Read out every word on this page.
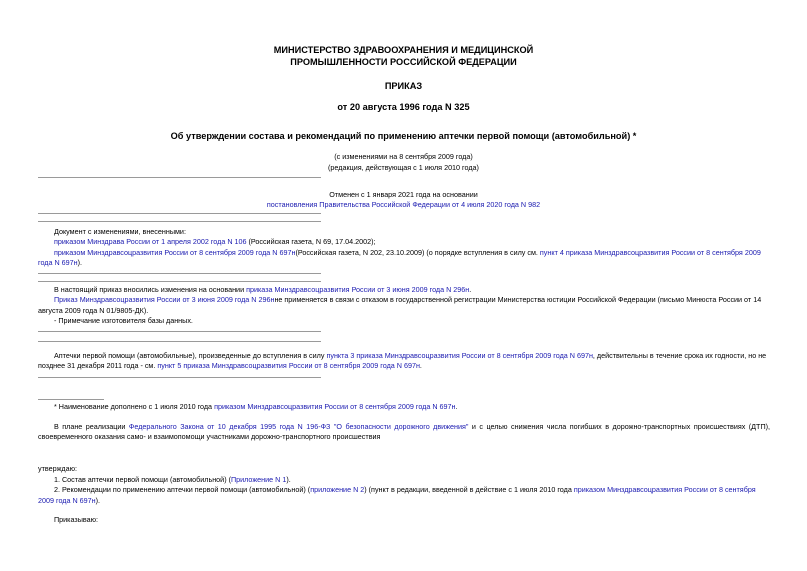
МИНИСТЕРСТВО ЗДРАВООХРАНЕНИЯ И МЕДИЦИНСКОЙ
ПРОМЫШЛЕННОСТИ РОССИЙСКОЙ ФЕДЕРАЦИИ
ПРИКАЗ
от 20 августа 1996 года N 325
Об утверждении состава и рекомендаций по применению аптечки первой помощи (автомобильной) *
(с изменениями на 8 сентября 2009 года)
(редакция, действующая с 1 июля 2010 года)
Отменен с 1 января 2021 года на основании
постановления Правительства Российской Федерации от 4 июля 2020 года N 982

Документ с изменениями, внесенными:

приказом Минздрава России от 1 апреля 2002 года N 106 (Российская газета, N 69, 17.04.2002);

приказом Минздравсоцразвития России от 8 сентября 2009 года N 697н(Российская газета, N 202, 23.10.2009) (о порядке вступления в силу см. пункт 4 приказа Минздравсоцразвития России от 8 сентября 2009 года N 697н).

В настоящий приказ вносились изменения на основании приказа Минздравсоцразвития России от 3 июня 2009 года N 296н.

Приказ Минздравсоцразвития России от 3 июня 2009 года N 296нне применяется в связи с отказом в государственной регистрации Министерства юстиции Российской Федерации (письмо Минюста России от 14 августа 2009 года N 01/9805-ДК).

- Примечание изготовителя базы данных.

Аптечки первой помощи (автомобильные), произведенные до вступления в силу пункта 3 приказа Минздравсоцразвития России от 8 сентября 2009 года N 697н, действительны в течение срока их годности, но не позднее 31 декабря 2011 года - см. пункт 5 приказа Минздравсоцразвития России от 8 сентября 2009 года N 697н.

* Наименование дополнено с 1 июля 2010 года приказом Минздравсоцразвития России от 8 сентября 2009 года N 697н.

В плане реализации Федерального Закона от 10 декабря 1995 года N 196-ФЗ "О безопасности дорожного движения" и с целью снижения числа погибших в дорожно-транспортных происшествиях (ДТП), своевременного оказания само- и взаимопомощи участниками дорожно-транспортного происшествия

утверждаю:

1. Состав аптечки первой помощи (автомобильной) (Приложение N 1).

2. Рекомендации по применению аптечки первой помощи (автомобильной) (приложение N 2) (пункт в редакции, введенной в действие с 1 июля 2010 года приказом Минздравсоцразвития России от 8 сентября 2009 года N 697н).

Приказываю:
